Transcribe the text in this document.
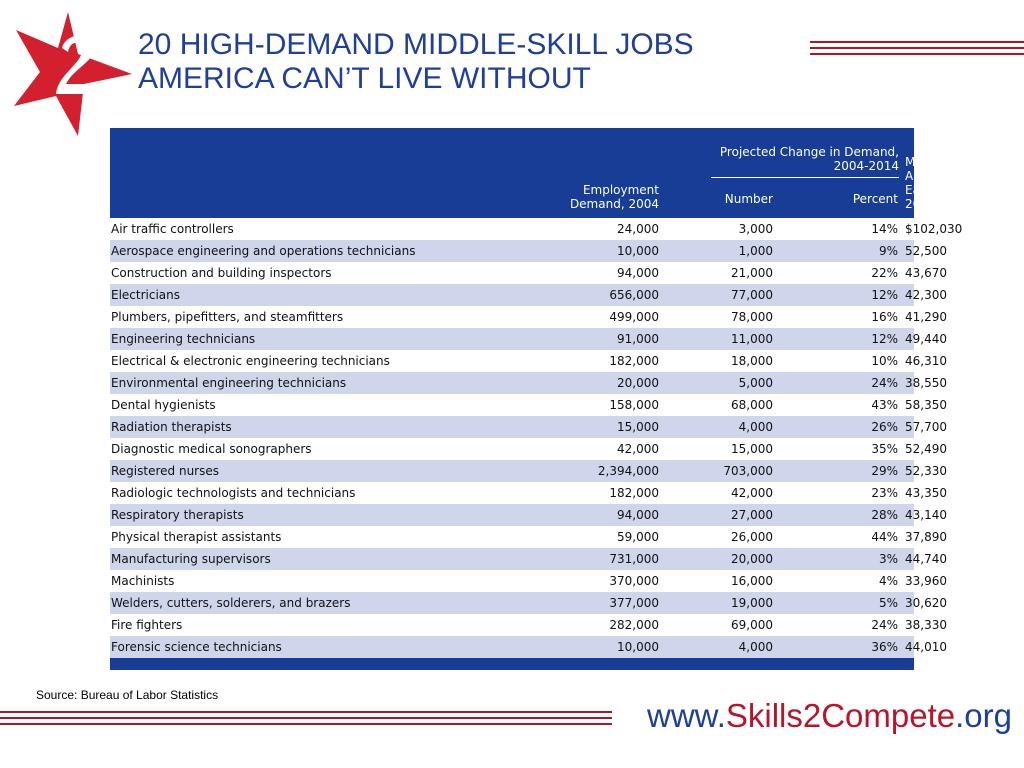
20 HIGH-DEMAND MIDDLE-SKILL JOBS
AMERICA CAN’T LIVE WITHOUT
	Employment Demand, 2004	Projected Change in Demand, 2004-2014		Median Annual Earnings, 2004
		Number	Percent	
Air traffic controllers	24,000	3,000	14%	$102,030
Aerospace engineering and operations technicians	10,000	1,000	9%	52,500
Construction and building inspectors	94,000	21,000	22%	43,670
Electricians	656,000	77,000	12%	42,300
Plumbers, pipefitters, and steamfitters	499,000	78,000	16%	41,290
Engineering technicians	91,000	11,000	12%	49,440
Electrical & electronic engineering technicians	182,000	18,000	10%	46,310
Environmental engineering technicians	20,000	5,000	24%	38,550
Dental hygienists	158,000	68,000	43%	58,350
Radiation therapists	15,000	4,000	26%	57,700
Diagnostic medical sonographers	42,000	15,000	35%	52,490
Registered nurses	2,394,000	703,000	29%	52,330
Radiologic technologists and technicians	182,000	42,000	23%	43,350
Respiratory therapists	94,000	27,000	28%	43,140
Physical therapist assistants	59,000	26,000	44%	37,890
Manufacturing supervisors	731,000	20,000	3%	44,740
Machinists	370,000	16,000	4%	33,960
Welders, cutters, solderers, and brazers	377,000	19,000	5%	30,620
Fire fighters	282,000	69,000	24%	38,330
Forensic science technicians	10,000	4,000	36%	44,010
Source: Bureau of Labor Statistics
www.Skills2Compete.org
